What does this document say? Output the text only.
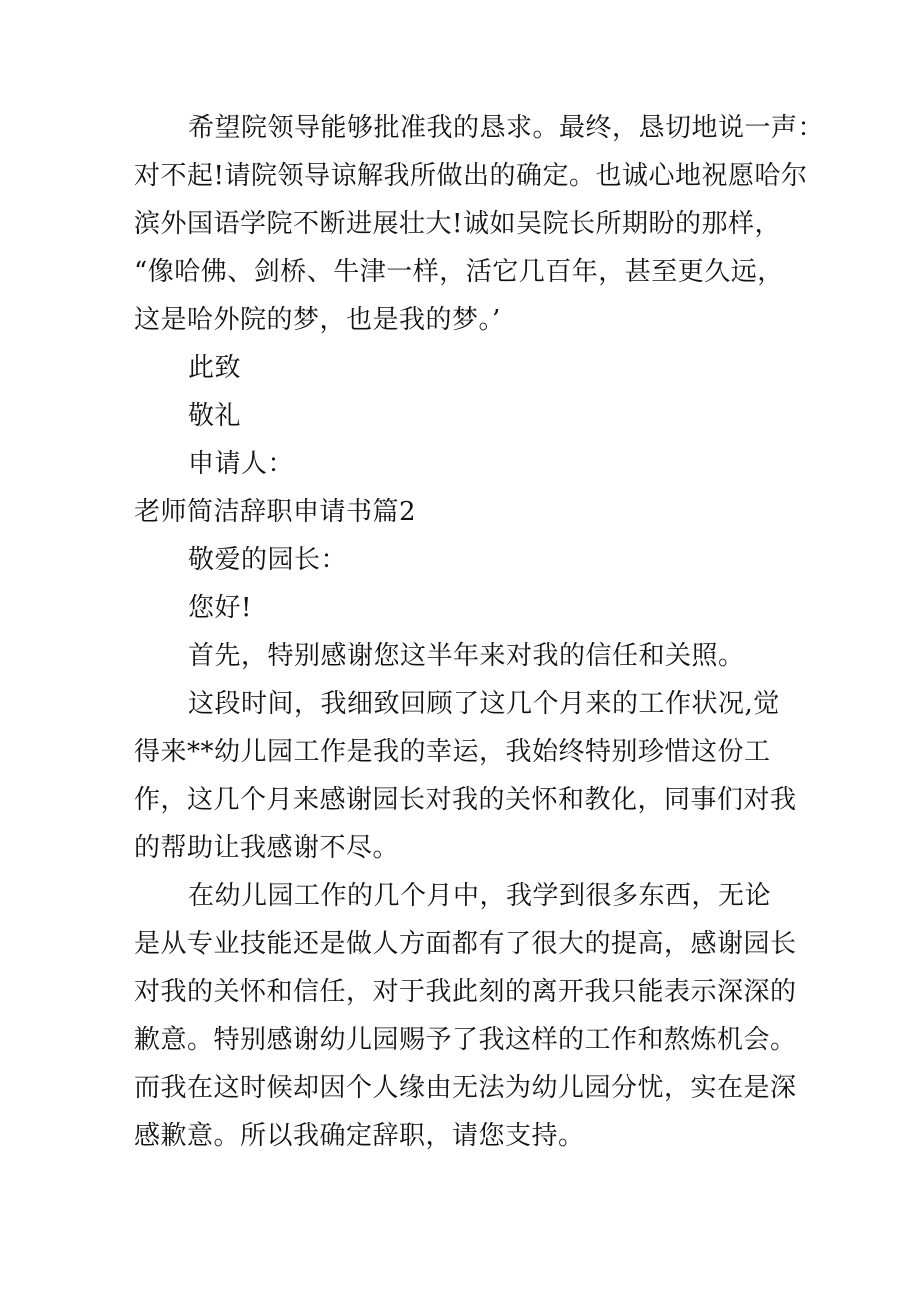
希望院领导能够批准我的恳求。最终，恳切地说一声：
对不起!请院领导谅解我所做出的确定。也诚心地祝愿哈尔
滨外国语学院不断进展壮大!诚如吴院长所期盼的那样，
“像哈佛、剑桥、牛津一样，活它几百年，甚至更久远，
这是哈外院的梦，也是我的梦。’
此致
敬礼
申请人：
老师简洁辞职申请书篇2
敬爱的园长：
您好!
首先，特别感谢您这半年来对我的信任和关照。
这段时间，我细致回顾了这几个月来的工作状况,觉
得来**幼儿园工作是我的幸运，我始终特别珍惜这份工
作，这几个月来感谢园长对我的关怀和教化，同事们对我
的帮助让我感谢不尽。
在幼儿园工作的几个月中，我学到很多东西，无论
是从专业技能还是做人方面都有了很大的提高，感谢园长
对我的关怀和信任，对于我此刻的离开我只能表示深深的
歉意。特别感谢幼儿园赐予了我这样的工作和熬炼机会。
而我在这时候却因个人缘由无法为幼儿园分忧，实在是深
感歉意。所以我确定辞职，请您支持。
